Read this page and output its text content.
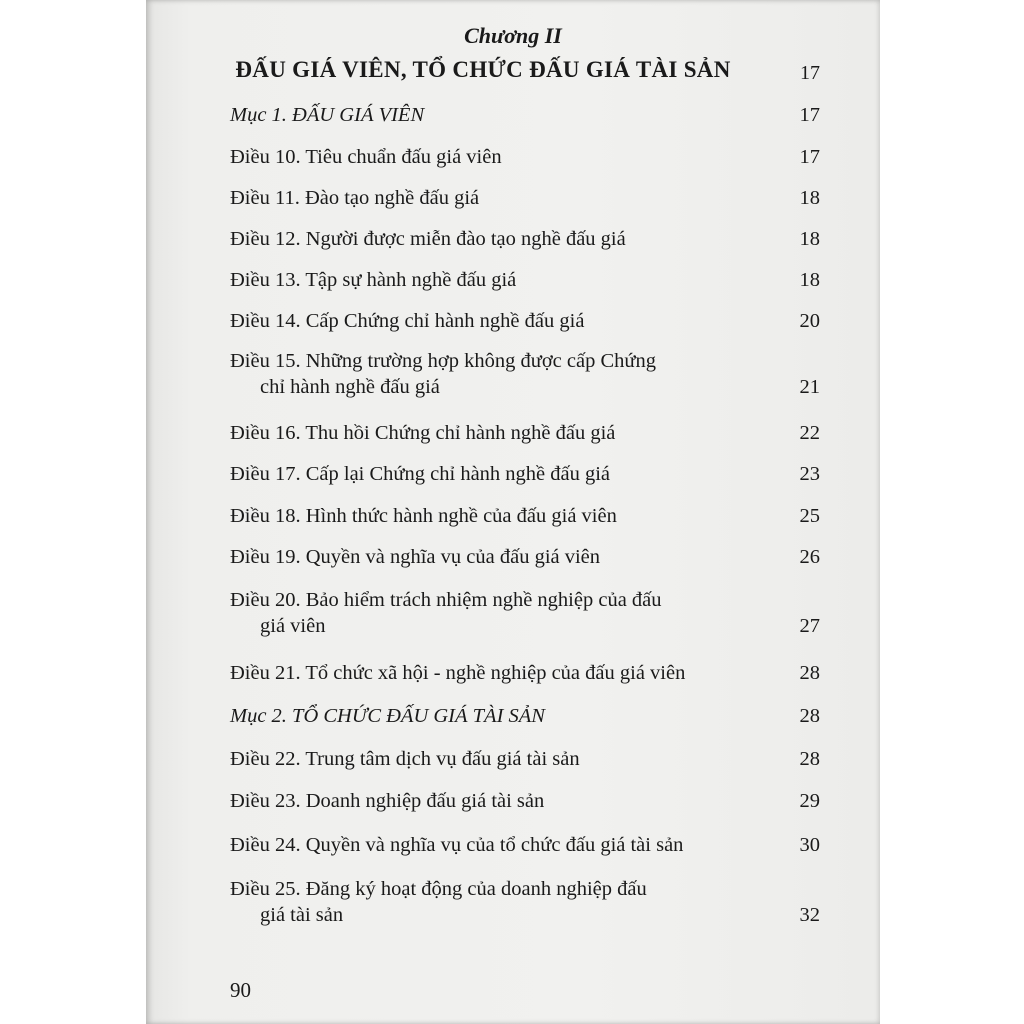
Chương II
ĐẤU GIÁ VIÊN, TỔ CHỨC ĐẤU GIÁ TÀI SẢN	17
Mục 1. ĐẤU GIÁ VIÊN	17
Điều 10. Tiêu chuẩn đấu giá viên	17
Điều 11. Đào tạo nghề đấu giá	18
Điều 12. Người được miễn đào tạo nghề đấu giá	18
Điều 13. Tập sự hành nghề đấu giá	18
Điều 14. Cấp Chứng chỉ hành nghề đấu giá	20
Điều 15. Những trường hợp không được cấp Chứng
chỉ hành nghề đấu giá	21
Điều 16. Thu hồi Chứng chỉ hành nghề đấu giá	22
Điều 17. Cấp lại Chứng chỉ hành nghề đấu giá	23
Điều 18. Hình thức hành nghề của đấu giá viên	25
Điều 19. Quyền và nghĩa vụ của đấu giá viên	26
Điều 20. Bảo hiểm trách nhiệm nghề nghiệp của đấu
giá viên	27
Điều 21. Tổ chức xã hội - nghề nghiệp của đấu giá viên	28
Mục 2. TỔ CHỨC ĐẤU GIÁ TÀI SẢN	28
Điều 22. Trung tâm dịch vụ đấu giá tài sản	28
Điều 23. Doanh nghiệp đấu giá tài sản	29
Điều 24. Quyền và nghĩa vụ của tổ chức đấu giá tài sản	30
Điều 25. Đăng ký hoạt động của doanh nghiệp đấu
giá tài sản	32
90
